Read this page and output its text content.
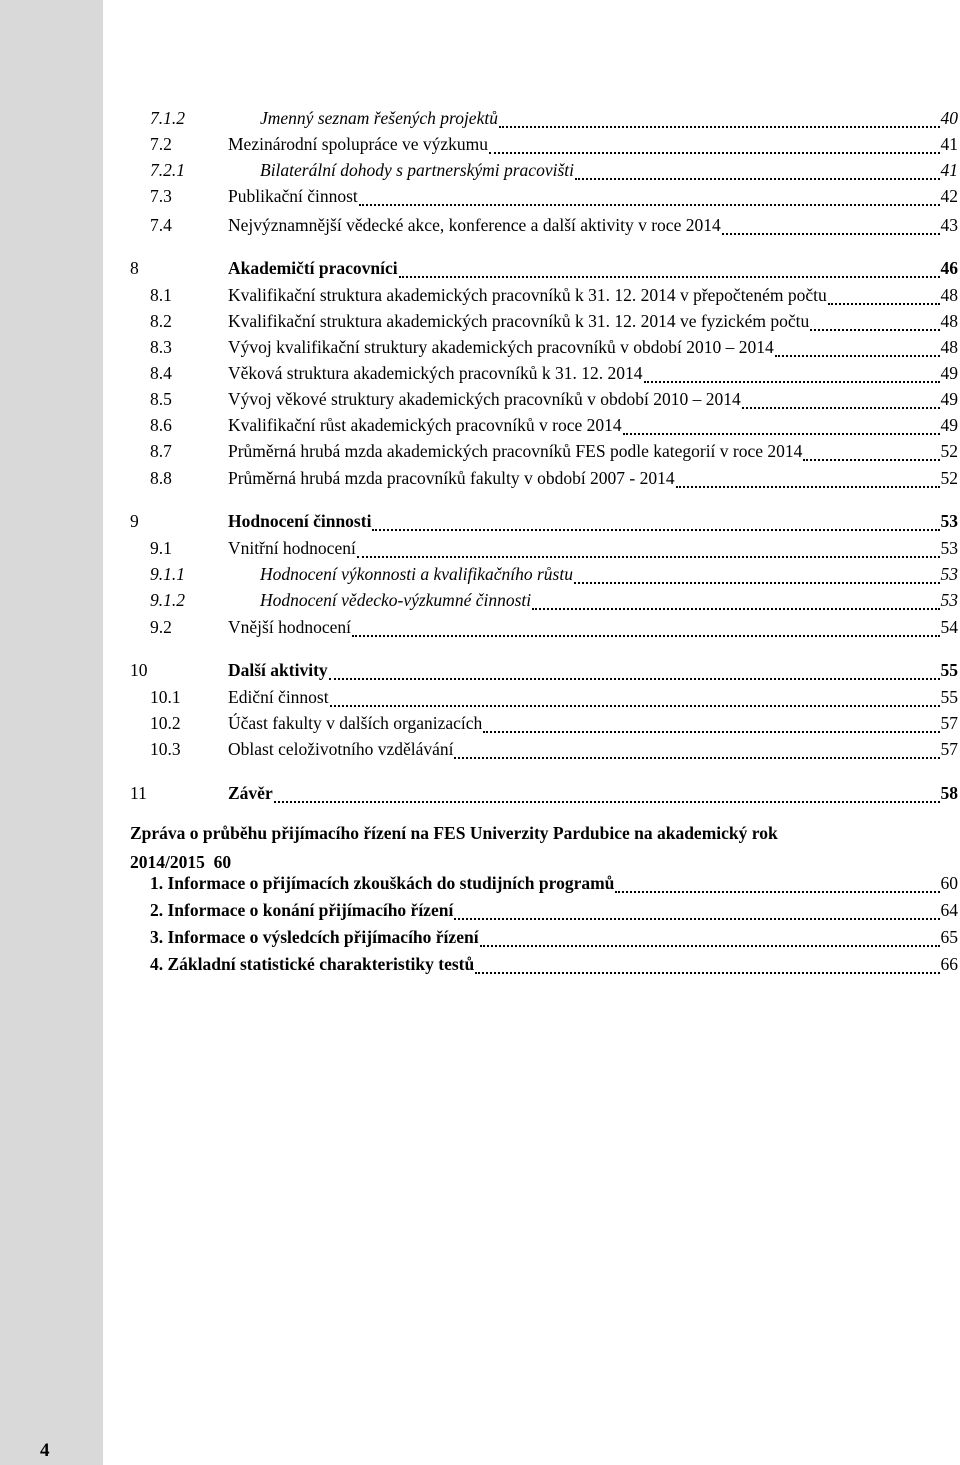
4
7.1.2	Jmenný seznam řešených projektů	40
7.2	Mezinárodní spolupráce ve výzkumu	41
7.2.1	Bilaterální dohody s partnerskými pracovišti	41
7.3	Publikační činnost	42
7.4	Nejvýznamnější vědecké akce, konference a další aktivity v roce 2014	43
8	Akademičtí pracovníci	46
8.1	Kvalifikační struktura akademických pracovníků k 31. 12. 2014 v přepočteném počtu	48
8.2	Kvalifikační struktura akademických pracovníků k 31. 12. 2014 ve fyzickém počtu	48
8.3	Vývoj kvalifikační struktury akademických pracovníků v období 2010 – 2014	48
8.4	Věková struktura akademických pracovníků k 31. 12. 2014	49
8.5	Vývoj věkové struktury akademických pracovníků v období 2010 – 2014	49
8.6	Kvalifikační růst akademických pracovníků v roce 2014	49
8.7	Průměrná hrubá mzda akademických pracovníků FES podle kategorií v roce 2014	52
8.8	Průměrná hrubá mzda pracovníků fakulty v období 2007 - 2014	52
9	Hodnocení činnosti	53
9.1	Vnitřní hodnocení	53
9.1.1	Hodnocení výkonnosti a kvalifikačního růstu	53
9.1.2	Hodnocení vědecko-výzkumné činnosti	53
9.2	Vnější hodnocení	54
10	Další aktivity	55
10.1	Ediční činnost	55
10.2	Účast fakulty v dalších organizacích	57
10.3	Oblast celoživotního vzdělávání	57
11	Závěr	58
Zpráva o průběhu přijímacího řízení na FES Univerzity Pardubice na akademický rok
2014/2015 60
1. Informace o přijímacích zkouškách do studijních programů	60
2. Informace o konání přijímacího řízení	64
3. Informace o výsledcích přijímacího řízení	65
4. Základní statistické charakteristiky testů	66
